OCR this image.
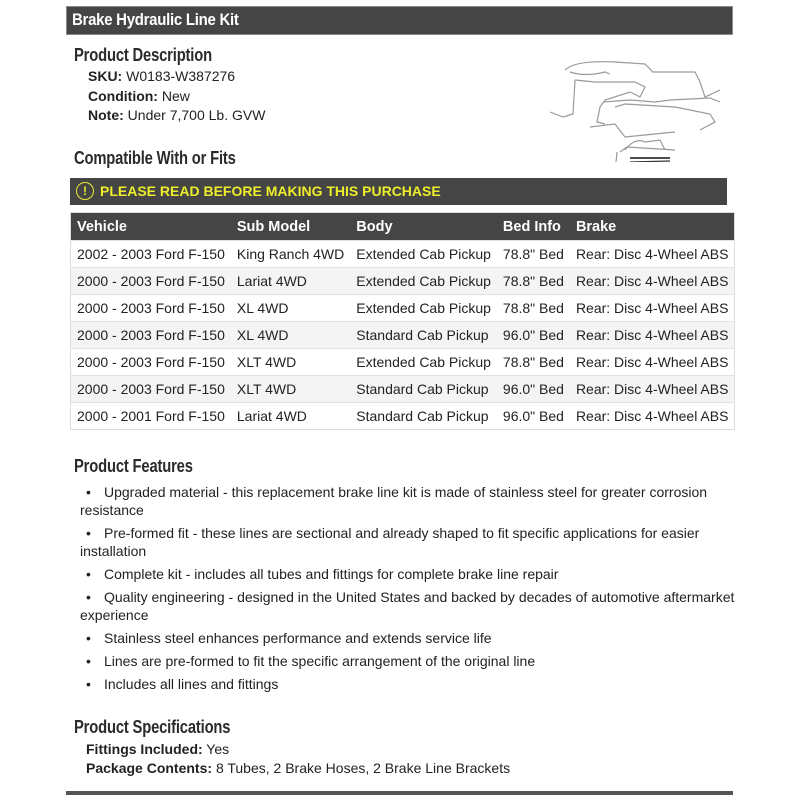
Brake Hydraulic Line Kit
Product Description
SKU: W0183-W387276
Condition: New
Note: Under 7,700 Lb. GVW
Compatible With or Fits
! PLEASE READ BEFORE MAKING THIS PURCHASE
Vehicle	Sub Model	Body	Bed Info	Brake
2002 - 2003 Ford F-150	King Ranch 4WD	Extended Cab Pickup	78.8" Bed	Rear: Disc 4-Wheel ABS
2000 - 2003 Ford F-150	Lariat 4WD	Extended Cab Pickup	78.8" Bed	Rear: Disc 4-Wheel ABS
2000 - 2003 Ford F-150	XL 4WD	Extended Cab Pickup	78.8" Bed	Rear: Disc 4-Wheel ABS
2000 - 2003 Ford F-150	XL 4WD	Standard Cab Pickup	96.0" Bed	Rear: Disc 4-Wheel ABS
2000 - 2003 Ford F-150	XLT 4WD	Extended Cab Pickup	78.8" Bed	Rear: Disc 4-Wheel ABS
2000 - 2003 Ford F-150	XLT 4WD	Standard Cab Pickup	96.0" Bed	Rear: Disc 4-Wheel ABS
2000 - 2001 Ford F-150	Lariat 4WD	Standard Cab Pickup	96.0" Bed	Rear: Disc 4-Wheel ABS
Product Features
• Upgraded material - this replacement brake line kit is made of stainless steel for greater corrosion resistance
• Pre-formed fit - these lines are sectional and already shaped to fit specific applications for easier installation
• Complete kit - includes all tubes and fittings for complete brake line repair
• Quality engineering - designed in the United States and backed by decades of automotive aftermarket experience
• Stainless steel enhances performance and extends service life
• Lines are pre-formed to fit the specific arrangement of the original line
• Includes all lines and fittings
Product Specifications
Fittings Included: Yes
Package Contents: 8 Tubes, 2 Brake Hoses, 2 Brake Line Brackets
